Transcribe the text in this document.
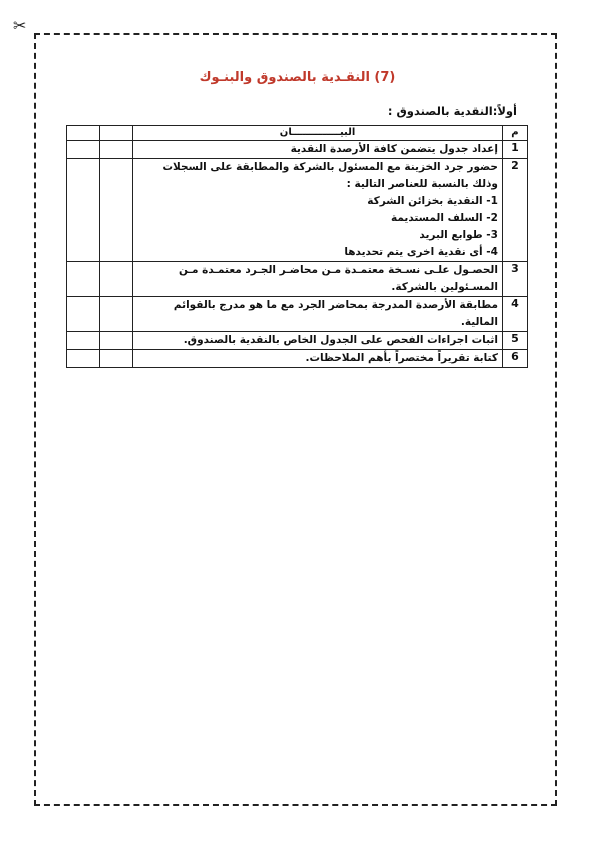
✂
(7) النقـدية بالصندوق والبنـوك
أولاً:النقدية بالصندوق :
م	البيــــــــــــــان		
1	إعداد جدول يتضمن كافة الأرصدة النقدية		
2	حضور جرد الخزينة مع المسئول بالشركة والمطابقة على السجلات وذلك بالنسبة للعناصر التالية :
1- النقدية بخزائن الشركة
2- السلف المستديمة
3- طوابع البريد
4- أى نقدية اخرى يتم تحديدها		

3	الحصـول علـى نسـخة معتمـدة مـن محاضـر الجـرد معتمـدة مـن المسـئولين بالشركة.		
4	مطابقة الأرصدة المدرجة بمحاضر الجرد مع ما هو مدرج بالقوائم المالية.		
5	اثبات اجراءات الفحص على الجدول الخاص بالنقدية بالصندوق.		
6	كتابة تقريراً مختصراً بأهم الملاحظات.		
